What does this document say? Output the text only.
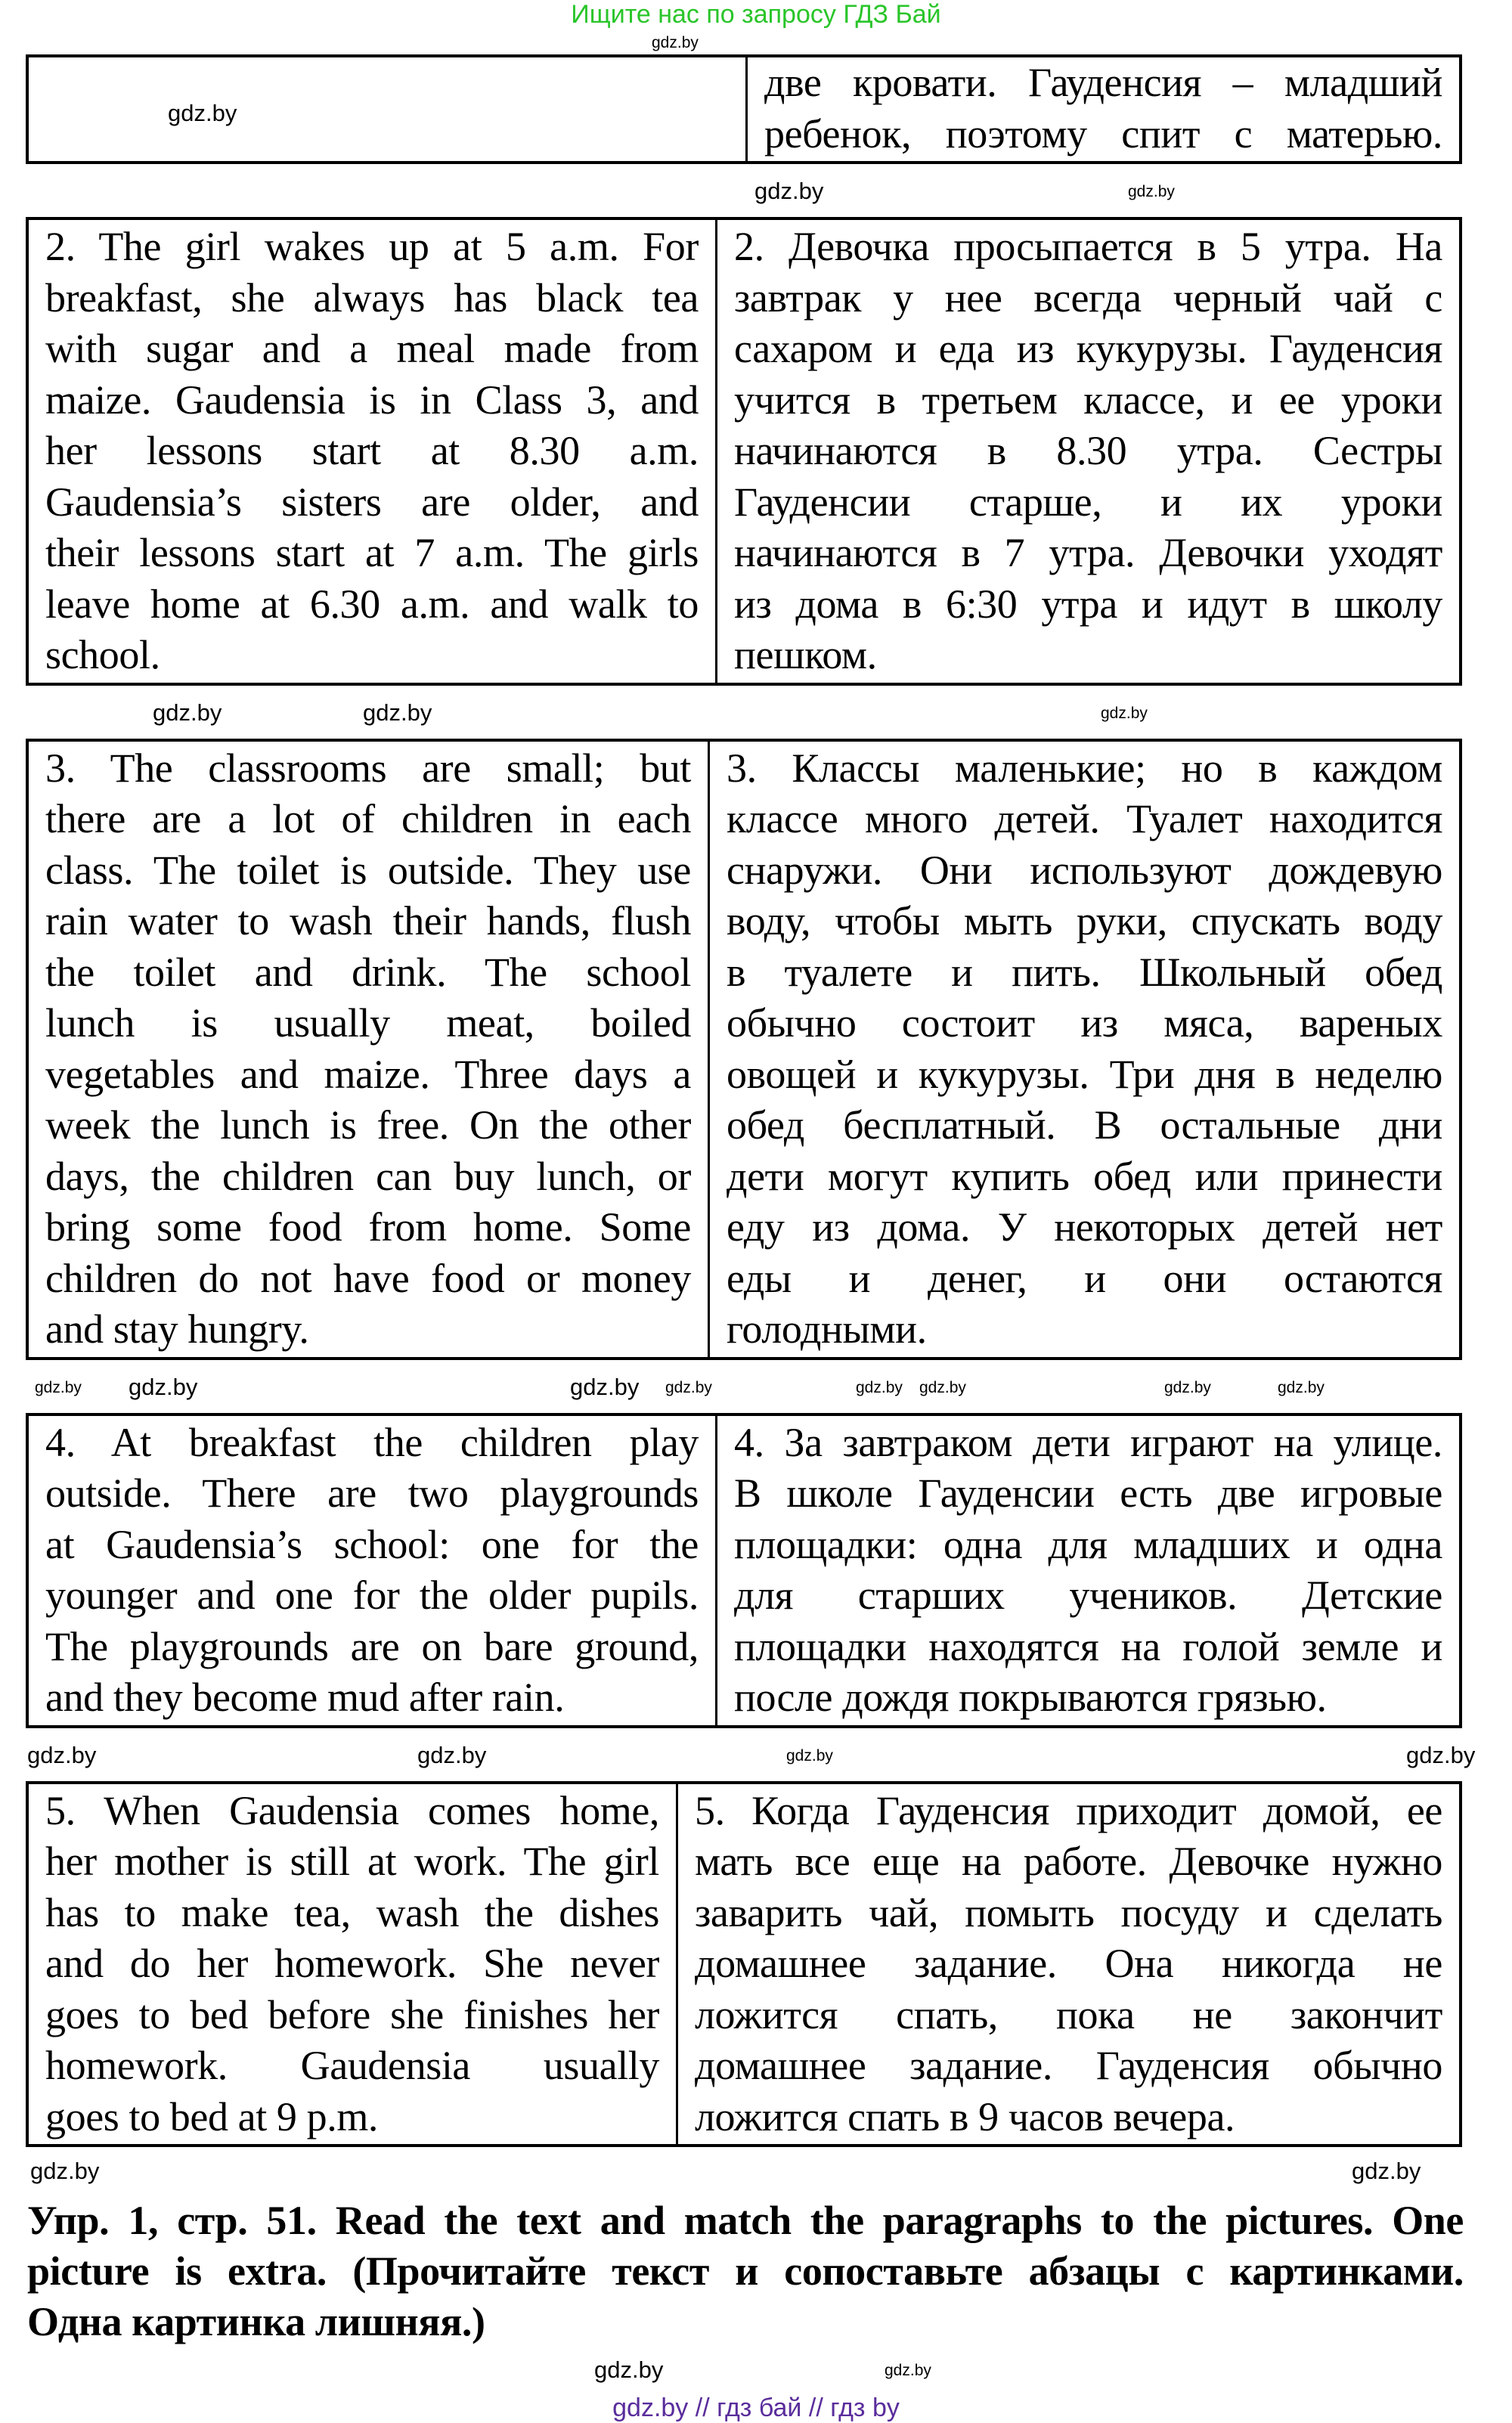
Ищите нас по запросу ГДЗ Бай
gdz.by
gdz.by
две кровати. Гауденсия – младший
ребенок, поэтому спит с матерью.
gdz.by	gdz.by
2. The girl wakes up at 5 a.m. For
breakfast, she always has black tea
with sugar and a meal made from
maize. Gaudensia is in Class 3, and
her lessons start at 8.30 a.m.
Gaudensia’s sisters are older, and
their lessons start at 7 a.m. The girls
leave home at 6.30 a.m. and walk to
school.
2. Девочка просыпается в 5 утра. На
завтрак у нее всегда черный чай с
сахаром и еда из кукурузы. Гауденсия
учится в третьем классе, и ее уроки
начинаются в 8.30 утра. Сестры
Гауденсии старше, и их уроки
начинаются в 7 утра. Девочки уходят
из дома в 6:30 утра и идут в школу
пешком.
gdz.by	gdz.by	gdz.by
3. The classrooms are small; but
there are a lot of children in each
class. The toilet is outside. They use
rain water to wash their hands, flush
the toilet and drink. The school
lunch is usually meat, boiled
vegetables and maize. Three days a
week the lunch is free. On the other
days, the children can buy lunch, or
bring some food from home. Some
children do not have food or money
and stay hungry.
3. Классы маленькие; но в каждом
классе много детей. Туалет находится
снаружи. Они используют дождевую
воду, чтобы мыть руки, спускать воду
в туалете и пить. Школьный обед
обычно состоит из мяса, вареных
овощей и кукурузы. Три дня в неделю
обед бесплатный. В остальные дни
дети могут купить обед или принести
еду из дома. У некоторых детей нет
еды и денег, и они остаются
голодными.
gdz.by gdz.by	gdz.by gdz.by	gdz.by gdz.by	gdz.by	gdz.by
4. At breakfast the children play
outside. There are two playgrounds
at Gaudensia’s school: one for the
younger and one for the older pupils.
The playgrounds are on bare ground,
and they become mud after rain.
4. За завтраком дети играют на улице.
В школе Гауденсии есть две игровые
площадки: одна для младших и одна
для старших учеников. Детские
площадки находятся на голой земле и
после дождя покрываются грязью.
gdz.by	gdz.by	gdz.by	gdz.by
5. When Gaudensia comes home,
her mother is still at work. The girl
has to make tea, wash the dishes
and do her homework. She never
goes to bed before she finishes her
homework. Gaudensia usually
goes to bed at 9 p.m.
5. Когда Гауденсия приходит домой, ее
мать все еще на работе. Девочке нужно
заварить чай, помыть посуду и сделать
домашнее задание. Она никогда не
ложится спать, пока не закончит
домашнее задание. Гауденсия обычно
ложится спать в 9 часов вечера.
gdz.by	gdz.by
Упр. 1, стр. 51. Read the text and match the paragraphs to the pictures. One
picture is extra. (Прочитайте текст и сопоставьте абзацы с картинками.
Одна картинка лишняя.)
gdz.by	gdz.by
gdz.by // гдз бай // гдз by
